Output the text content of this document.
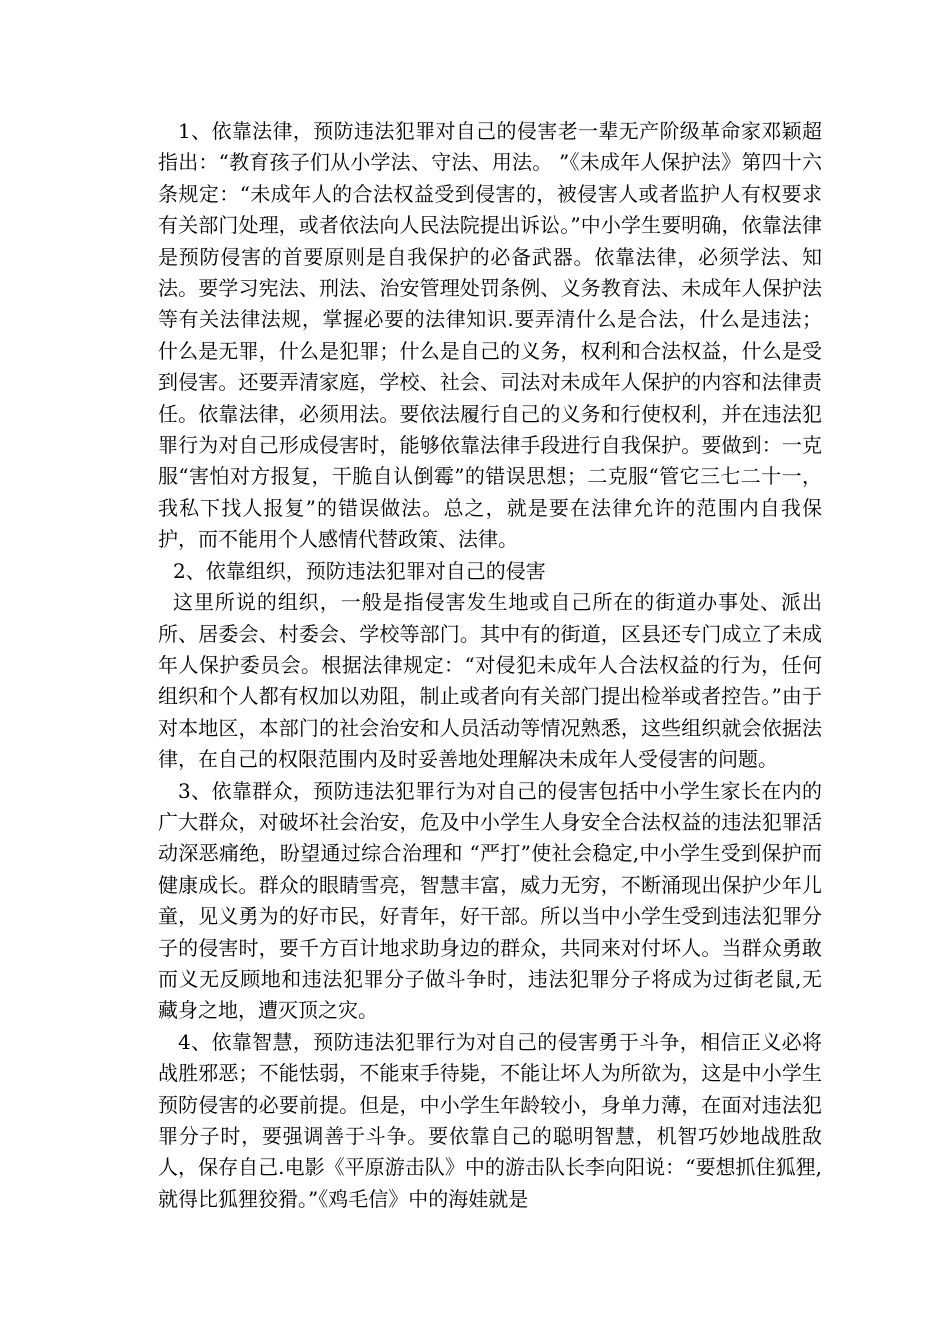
1、依靠法律，预防违法犯罪对自己的侵害老一辈无产阶级革命家邓颖超指出：“教育孩子们从小学法、守法、用法。 ”《未成年人保护法》第四十六条规定：“未成年人的合法权益受到侵害的，被侵害人或者监护人有权要求有关部门处理，或者依法向人民法院提出诉讼。”中小学生要明确，依靠法律是预防侵害的首要原则是自我保护的必备武器。依靠法律，必须学法、知法。要学习宪法、刑法、治安管理处罚条例、义务教育法、未成年人保护法等有关法律法规，掌握必要的法律知识.要弄清什么是合法，什么是违法；什么是无罪，什么是犯罪；什么是自己的义务，权利和合法权益，什么是受到侵害。还要弄清家庭，学校、社会、司法对未成年人保护的内容和法律责任。依靠法律，必须用法。要依法履行自己的义务和行使权利，并在违法犯罪行为对自己形成侵害时，能够依靠法律手段进行自我保护。要做到：一克服“害怕对方报复，干脆自认倒霉”的错误思想；二克服“管它三七二十一，我私下找人报复”的错误做法。总之，就是要在法律允许的范围内自我保护，而不能用个人感情代替政策、法律。

2、依靠组织，预防违法犯罪对自己的侵害

这里所说的组织，一般是指侵害发生地或自己所在的街道办事处、派出所、居委会、村委会、学校等部门。其中有的街道，区县还专门成立了未成年人保护委员会。根据法律规定：“对侵犯未成年人合法权益的行为，任何组织和个人都有权加以劝阻，制止或者向有关部门提出检举或者控告。”由于对本地区，本部门的社会治安和人员活动等情况熟悉，这些组织就会依据法律，在自己的权限范围内及时妥善地处理解决未成年人受侵害的问题。

3、依靠群众，预防违法犯罪行为对自己的侵害包括中小学生家长在内的广大群众，对破坏社会治安，危及中小学生人身安全合法权益的违法犯罪活动深恶痛绝，盼望通过综合治理和 “严打”使社会稳定,中小学生受到保护而健康成长。群众的眼睛雪亮，智慧丰富，威力无穷，不断涌现出保护少年儿童，见义勇为的好市民，好青年，好干部。所以当中小学生受到违法犯罪分子的侵害时，要千方百计地求助身边的群众，共同来对付坏人。当群众勇敢而义无反顾地和违法犯罪分子做斗争时，违法犯罪分子将成为过街老鼠,无藏身之地，遭灭顶之灾。

4、依靠智慧，预防违法犯罪行为对自己的侵害勇于斗争，相信正义必将战胜邪恶；不能怯弱，不能束手待毙，不能让坏人为所欲为，这是中小学生预防侵害的必要前提。但是，中小学生年龄较小，身单力薄，在面对违法犯罪分子时，要强调善于斗争。要依靠自己的聪明智慧，机智巧妙地战胜敌人，保存自己.电影《平原游击队》中的游击队长李向阳说：“要想抓住狐狸,就得比狐狸狡猾。”《鸡毛信》中的海娃就是
